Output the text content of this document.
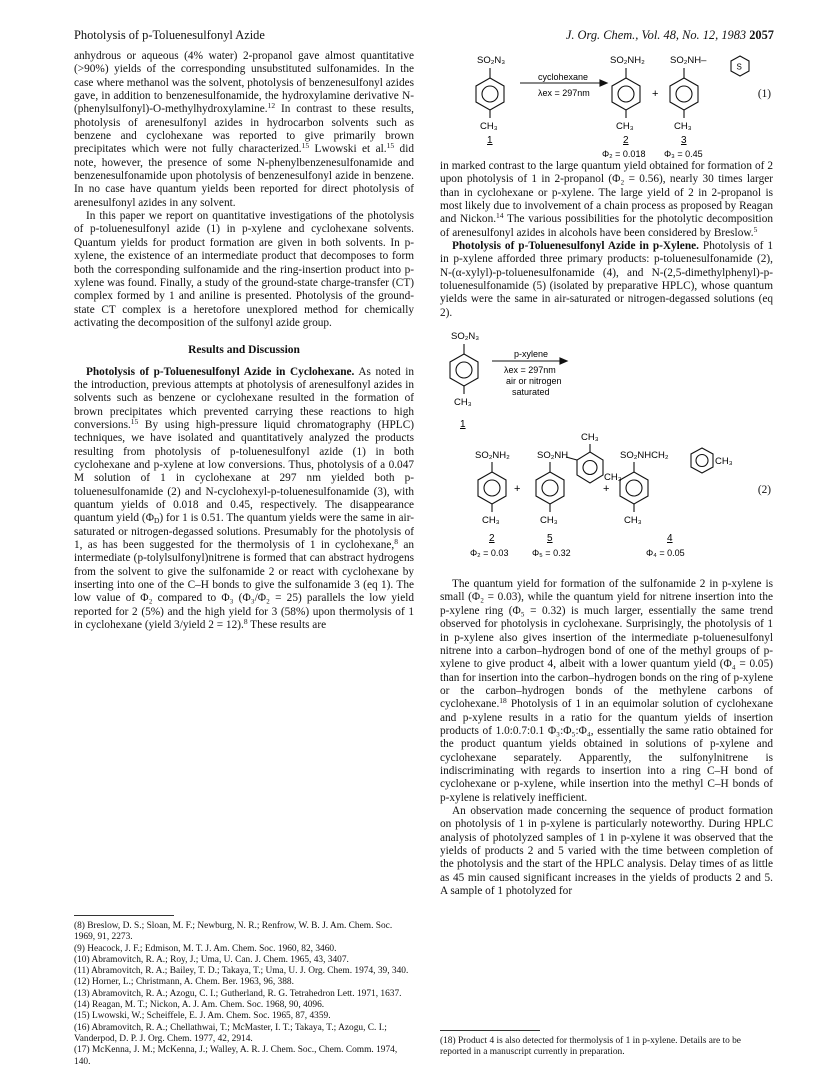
Photolysis of p-Toluenesulfonyl Azide	J. Org. Chem., Vol. 48, No. 12, 1983 2057

anhydrous or aqueous (4% water) 2-propanol gave almost quantitative (>90%) yields of the corresponding unsubstituted sulfonamides. In the case where methanol was the solvent, photolysis of benzenesulfonyl azides gave, in addition to benzenesulfonamide, the hydroxylamine derivative N-(phenylsulfonyl)-O-methylhydroxylamine.$^{12}$ In contrast to these results, photolysis of arenesulfonyl azides in hydrocarbon solvents such as benzene and cyclohexane was reported to give primarily brown precipitates which were not fully characterized.$^{15}$ Lwowski et al.$^{15}$ did note, however, the presence of some N-phenylbenzenesulfonamide and benzenesulfonamide upon photolysis of benzenesulfonyl azide in benzene. In no case have quantum yields been reported for direct photolysis of arenesulfonyl azides in any solvent.

In this paper we report on quantitative investigations of the photolysis of p-toluenesulfonyl azide (1) in p-xylene and cyclohexane solvents. Quantum yields for product formation are given in both solvents. In p-xylene, the existence of an intermediate product that decomposes to form both the corresponding sulfonamide and the ring-insertion product into p-xylene was found. Finally, a study of the ground-state charge-transfer (CT) complex formed by 1 and aniline is presented. Photolysis of the ground-state CT complex is a heretofore unexplored method for chemically activating the decomposition of the sulfonyl azide group.

Results and Discussion

Photolysis of p-Toluenesulfonyl Azide in Cyclohexane. As noted in the introduction, previous attempts at photolysis of arenesulfonyl azides in solvents such as benzene or cyclohexane resulted in the formation of brown precipitates which prevented carrying these reactions to high conversions.$^{15}$ By using high-pressure liquid chromatography (HPLC) techniques, we have isolated and quantitatively analyzed the products resulting from photolysis of p-toluenesulfonyl azide (1) in both cyclohexane and p-xylene at low conversions. Thus, photolysis of a 0.047 M solution of 1 in cyclohexane at 297 nm yielded both p-toluenesulfonamide (2) and N-cyclohexyl-p-toluenesulfonamide (3), with quantum yields of 0.018 and 0.45, respectively. The disappearance quantum yield $(\Phi_D)$ for 1 is 0.51. The quantum yields were the same in air-saturated or nitrogen-degassed solutions. Presumably for the photolysis of 1, as has been suggested for the thermolysis of 1 in cyclohexane,$^8$ an intermediate (p-tolylsulfonyl)nitrene is formed that can abstract hydrogens from the solvent to give the sulfonamide 2 or react with cyclohexane by inserting into one of the C–H bonds to give the sulfonamide 3 (eq 1). The low value of Φ₂ compared to Φ₃ (Φ₃/Φ₂ = 25) parallels the low yield reported for 2 (5%) and the high yield for 3 (58%) upon thermolysis of 1 in cyclohexane (yield 3/yield 2 = 12).$^8$ These results are

(8) Breslow, D. S.; Sloan, M. F.; Newburg, N. R.; Renfrow, W. B. J. Am. Chem. Soc. 1969, 91, 2273.
(9) Heacock, J. F.; Edmison, M. T. J. Am. Chem. Soc. 1960, 82, 3460.
(10) Abramovitch, R. A.; Roy, J.; Uma, U. Can. J. Chem. 1965, 43, 3407.
(11) Abramovitch, R. A.; Bailey, T. D.; Takaya, T.; Uma, U. J. Org. Chem. 1974, 39, 340.
(12) Horner, L.; Christmann, A. Chem. Ber. 1963, 96, 388.
(13) Abramovitch, R. A.; Azogu, C. I.; Gutherland, R. G. Tetrahedron Lett. 1971, 1637.
(14) Reagan, M. T.; Nickon, A. J. Am. Chem. Soc. 1968, 90, 4096.
(15) Lwowski, W.; Scheiffele, E. J. Am. Chem. Soc. 1965, 87, 4359.
(16) Abramovitch, R. A.; Chellathwai, T.; McMaster, I. T.; Takaya, T.; Azogu, C. I.; Vanderpod, D. P. J. Org. Chem. 1977, 42, 2914.
(17) McKenna, J. M.; McKenna, J.; Walley, A. R. J. Chem. Soc., Chem. Comm. 1974, 140.
SO₂N₃
CH₃
cyclohexane
λex = 297nm
SO₂NH₂
+
SO₂NH–
S
CH₃	CH₃
1	2	3
Φ₂ = 0.018 Φ₃ = 0.45
(1)

in marked contrast to the large quantum yield obtained for formation of 2 upon photolysis of 1 in 2-propanol (Φ₂ = 0.56), nearly 30 times larger than in cyclohexane or p-xylene. The large yield of 2 in 2-propanol is most likely due to involvement of a chain process as proposed by Reagan and Nickon.$^{14}$ The various possibilities for the photolytic decomposition of arenesulfonyl azides in alcohols have been considered by Breslow.$^5$

Photolysis of p-Toluenesulfonyl Azide in p-Xylene. Photolysis of 1 in p-xylene afforded three primary products: p-toluenesulfonamide (2), N-(α-xylyl)-p-toluenesulfonamide (4), and N-(2,5-dimethylphenyl)-p-toluenesulfonamide (5) (isolated by preparative HPLC), whose quantum yields were the same in air-saturated or nitrogen-degassed solutions (eq 2).

SO₂N₃
CH₃
p-xylene
λex = 297nm
air or nitrogen
saturated
1
SO₂NH₂
+
SO₂NH
CH₃
CH₃
+
SO₂NHCH₂
CH₃
CH₃	CH₃	CH₃
2	5	4
Φ₂ = 0.03	Φ₅ = 0.32	Φ₄ = 0.05
(2)

The quantum yield for formation of the sulfonamide 2 in p-xylene is small (Φ₂ = 0.03), while the quantum yield for nitrene insertion into the p-xylene ring (Φ₅ = 0.32) is much larger, essentially the same trend observed for photolysis in cyclohexane. Surprisingly, the photolysis of 1 in p-xylene also gives insertion of the intermediate p-toluenesulfonyl nitrene into a carbon–hydrogen bond of one of the methyl groups of p-xylene to give product 4, albeit with a lower quantum yield (Φ₄ = 0.05) than for insertion into the carbon–hydrogen bonds on the ring of p-xylene or the carbon–hydrogen bonds of the methylene carbons of cyclohexane.$^{18}$ Photolysis of 1 in an equimolar solution of cyclohexane and p-xylene results in a ratio for the quantum yields of insertion products of 1.0:0.7:0.1 Φ₃:Φ₅:Φ₄, essentially the same ratio obtained for the product quantum yields obtained in solutions of p-xylene and cyclohexane separately. Apparently, the sulfonylnitrene is indiscriminating with regards to insertion into a ring C–H bond of cyclohexane or p-xylene, while insertion into the methyl C–H bonds of p-xylene is relatively inefficient.

An observation made concerning the sequence of product formation on photolysis of 1 in p-xylene is particularly noteworthy. During HPLC analysis of photolyzed samples of 1 in p-xylene it was observed that the yields of products 2 and 5 varied with the time between completion of the photolysis and the start of the HPLC analysis. Delay times of as little as 45 min caused significant increases in the yields of products 2 and 5. A sample of 1 photolyzed for

(18) Product 4 is also detected for thermolysis of 1 in p-xylene. Details are to be reported in a manuscript currently in preparation.
